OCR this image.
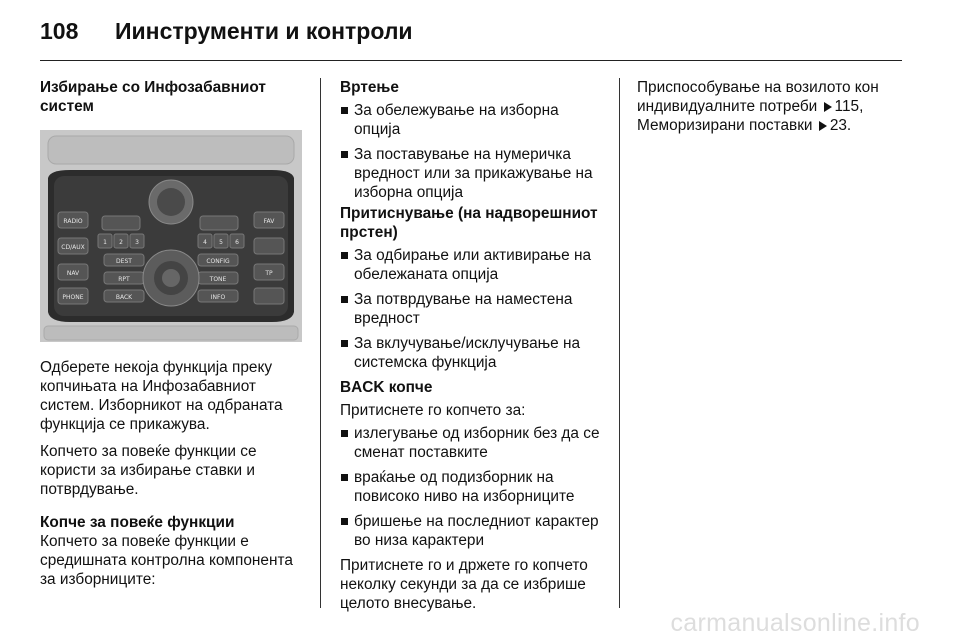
108	Иинструменти и контроли

Избирање со Инфозабавниот систем

RADIO
CD/AUX
NAV
PHONE
FAV
CONFIG
TONE
INFO
DEST
BACK
RPT
TP
1 2 3	4 5 6

Одберете некоја функција преку копчињата на Инфозабавниот систем. Изборникот на одбраната функција се прикажува.

Копчето за повеќе функции се користи за избирање ставки и потврдување.

Копче за повеќе функции

Копчето за повеќе функции е средишната контролна компонента за изборниците:

Вртење

За обележување на изборна опција
За поставување на нумеричка вредност или за прикажување на изборна опција

Притиснување (на надворешниот прстен)

За одбирање или активирање на обележаната опција
За потврдување на наместена вредност
За вклучување/исклучување на системска функција

BACK копче

Притиснете го копчето за:

излегување од изборник без да се сменат поставките
враќање од подизборник на повисоко ниво на изборниците
бришење на последниот карактер во низа карактери

Притиснете го и држете го копчето неколку секунди за да се избрише целото внесување.

Приспособување на возилото кон индивидуалните потреби 115,
Меморизирани поставки 23.

carmanualsonline.info
